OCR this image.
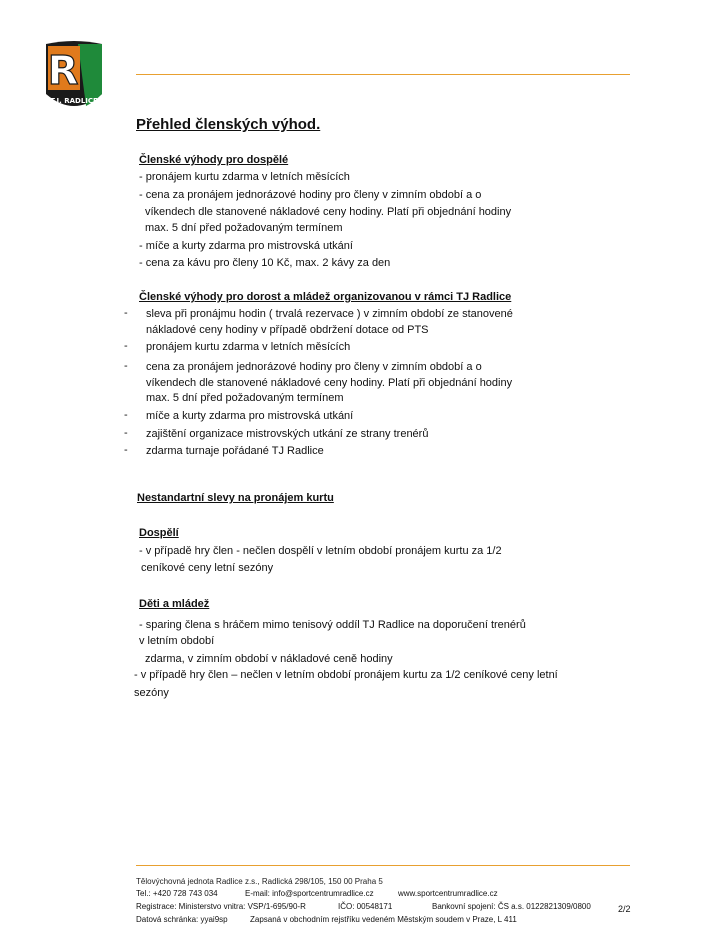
R
T.J. RADLICE
Přehled členských výhod.
Členské výhody pro dospělé
- pronájem kurtu zdarma v letních měsících
- cena za pronájem jednorázové hodiny pro členy v zimním období a o
víkendech dle stanovené nákladové ceny hodiny. Platí při objednání hodiny
max. 5 dní před požadovaným termínem
- míče a kurty zdarma pro mistrovská utkání
- cena za kávu pro členy 10 Kč, max. 2 kávy za den
Členské výhody pro dorost a mládež organizovanou v rámci TJ Radlice
- sleva při pronájmu hodin ( trvalá rezervace ) v zimním období ze stanovené
nákladové ceny hodiny v případě obdržení dotace od PTS
- pronájem kurtu zdarma v letních měsících
- cena za pronájem jednorázové hodiny pro členy v zimním období a o
víkendech dle stanovené nákladové ceny hodiny. Platí při objednání hodiny
max. 5 dní před požadovaným termínem
- míče a kurty zdarma pro mistrovská utkání
- zajištění organizace mistrovských utkání ze strany trenérů
- zdarma turnaje pořádané TJ Radlice
Nestandartní slevy na pronájem kurtu
Dospělí
- v případě hry člen - nečlen dospělí v letním období pronájem kurtu za 1/2
ceníkové ceny letní sezóny
Děti a mládež
- sparing člena s hráčem mimo tenisový oddíl TJ Radlice na doporučení trenérů
v letním období
zdarma, v zimním období v nákladové ceně hodiny
- v případě hry člen – nečlen v letním období pronájem kurtu za 1/2 ceníkové ceny letní
sezóny
Tělovýchovná jednota Radlice z.s., Radlická 298/105, 150 00 Praha 5
Tel.: +420 728 743 034	E-mail: info@sportcentrumradlice.cz	www.sportcentrumradlice.cz
Registrace: Ministerstvo vnitra: VSP/1-695/90-R	IČO: 00548171	Bankovní spojení: ČS a.s. 0122821309/0800
Datová schránka: yyai9sp	Zapsaná v obchodním rejstříku vedeném Městským soudem v Praze, L 411
2/2
